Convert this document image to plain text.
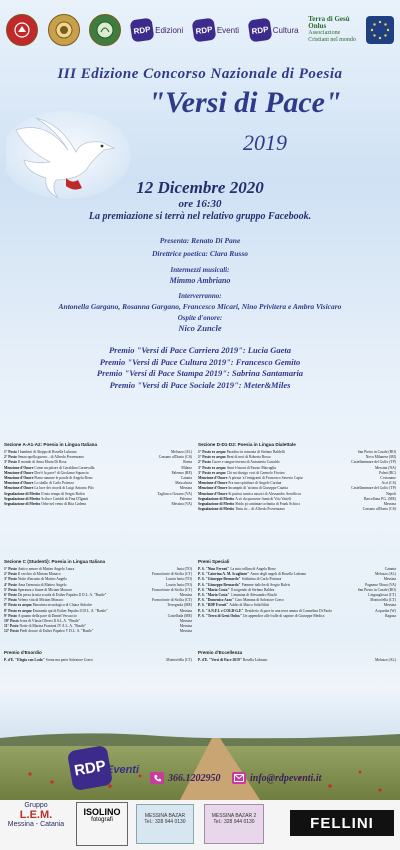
RDP Edizioni	RDP Eventi	RDP Cultura
Terra di Gesù Onlus
Associazione Cristiani nel mondo
III Edizione Concorso Nazionale di Poesia
"Versi di Pace"
2019
12 Dicembre 2020
ore 16:30
La premiazione si terrà nel relativo gruppo Facebook.
Presenta: Renato Di Pane
Direttrice poetica: Clara Russo
Intermezzi musicali:
Mimmo Ambriano
Interverranno:
Antonella Gargano, Rosanna Gargano, Francesco Micari, Nino Privitera e Ambra Visicaro
Ospite d'onore:
Nico Zuncle
Premio "Versi di Pace Carriera 2019": Lucia Gaeta
Premio "Versi di Pace Cultura 2019": Francesco Gemito
Premio "Versi di Pace Stampa 2019": Sabrina Santamaria
Premio "Versi di Pace Sociale 2019": Meter&Miles
Sezione A-A1-A2: Poesia in Lingua Italiana
1° Posto I bambini di Aleppo di Rosella Lubrano	Melazzo (AL)
2° Posto Senza quella guerra... di Alfredo Provenzano	Cassano all'Ionio (CS)
3° Posto Il mondo di Anna Maria Di Rosa	Roma
Menzione d'Onore Come un pittore di Geraldina Carnevalla	Milano
Menzione d'Onore Dov'è la pace? di Girolamo Squarcia	Palermo (RE)
Menzione d'Onore Piano ramone le parole di Angela Bono	Catania
Menzione d'Onore Lo sballo di Carlo Potenza	Mascalucia
Menzione d'Onore La luce dei ricordi di Luigi Antonio Pilo	Messina
Segnalazione di Merito Il mio tempo di Sergio Balvis	Tagliasco Ozzano (VA)
Segnalazione di Merito Sciba e Cariddi di Fina D'Ignoti	Palermo
Segnalazione di Merito Orbe nel vento di Rita Cadena	Messina (VA)
Sezione D-D1-D2: Poesia in Lingua Dialettale
1° Posto ex aequo Paradiso in armonia di Stefano Baldelli	San Pietro in Casale (BO)
1° Posto ex aequo Reni di neci di Roberta Rosso	Nova Milanese (MI)
2° Posto Cuore e sangue terrena di Antonietta Castaldo	Castellammare del Golfo (TP)
3° Posto ex aequo Anni è buoni di Fausto Marrugliu	Messina (NA)
3° Posto ex aequo Chi mi dissigo voci di Carmelo Fiorino	Palmi (RC)
Menzione d'Onore A pòrnia 'a l'emigranti di Francesco Saverio Capia	Cotronano
Menzione d'Onore Fra una spiritùaci di Angelo Cartina	Acri (CS)
Menzione d'Onore Incampiti di 'sirianu di Giuseppe Caiatia	Castellammare del Golfo (TP)
Menzione d'Onore Si putissi turnà a nasciri di Alessandro Aerafficco	Napoli
Segnalazione di Merito A sò du quarsene fiumi di Vito Vatieli	Barcellona P.G. (ME)
Segnalazione di Merito Sbido pi cantintari orfanita di Frank Schicci	Messina
Segnalazione di Merito Tintu tic... di Alfredo Provenzano	Cassano all'Ionio (CS)
Sezione C (Studenti): Poesia in Lingua Italiana
1° Posto Antico amore di Matteo Angelo Laura	Isnia (TO)
2° Posto Il cerchio di Miriam Monaco	Francofonte di Sicilia (CT)
3° Posto Notte d'incanto di Matteo Angelo	Laurin Isnia (TO)
4° Posto Ama l'armonia di Matteo Angelo	Laurin Isnia (TO)
5° Posto Speranza a fiume di Miriam Monaco	Francofonte di Sicilia (CT)
6° Posto Da persa la mia scuola di Esther Papaleo Il D.L. A. "Basile"	Messina
7° Posto Veleno vita di Miriam Monaco	Francofonte di Sicilia (CT)
8° Posto ex aequo Panorima tecnologica di Chiara Sidoche	Terregnola (ME)
8° Posto ex aequo Emiranda qui di Esther Papaleo Il D.L. A. "Basile"	Messina
9° Posto A quanto della pace di Daniel Versaccio	Castellada (ME)
10° Posto Ivrea di Vlasta Oliveri Il A.L.A. "Basile"	Messina
11° Posto Notte di Marina Frantoni IV A.L. A. "Basile"	Messina
12° Posto Piedi dorace di Esther Papaleo V D.L. A. "Basile"	Messina
Premi Speciali
P. S. "Nino Ferraù" La mia collina di Angela Bono	Catania
P. S. "Caterina A. M. Scaglione" Amor degli angeli di Rosella Lubrano	Melazzo (AL)
P. S. "Giuseppe Bernardo" Soldatino di Carlo Potenza	Messina
P. S. "Giuseppe Bernardo" Fiamme italiche di Sergio Balvis	Pagnano Olona (VA)
P. S. "Maria Costa" Il sorgendo di Stefano Baldea	San Pietro in Casale (BO)
P. S. "Maria Costa" L'ammina di Alessandro Riachi	Linguaglossa (CT)
P. S. "Domenico Azzo" Caro Mamma di Salvatore Greco	Montorfella (CT)
P. S. "RDP Eventi" Addio di Marco Schiffilitti	Messina
P. S. "A.N.F.I. e COLB-G.E" Desiderio di pace in una terra amara di Carmelina Di Paolo	Acquedia (W)
P. S. "Terra di Gesù Onlus" Un appendice alle frulle di saprine di Giuseppe Medica	Ragusa
Premio d'Esordio
P. d'E. "Elegia con Loda" Scena ma perte Salvatore Greco	Montorfella (CT)
Premio d'Eccellenza
P. d'E. "Versi di Pace 2019" Rosella Lubrano	Melazzo (AL)
RDP
Eventi
366.1202950	info@rdpeventi.it
Gruppo
L.E.M.
Messina - Catania
ISOLINO
fotografi
MESSINA BAZAR
Tel.: 328 944 0130
MESSINA BAZAR 2
Tel.: 328 944 0130	FELLINI
